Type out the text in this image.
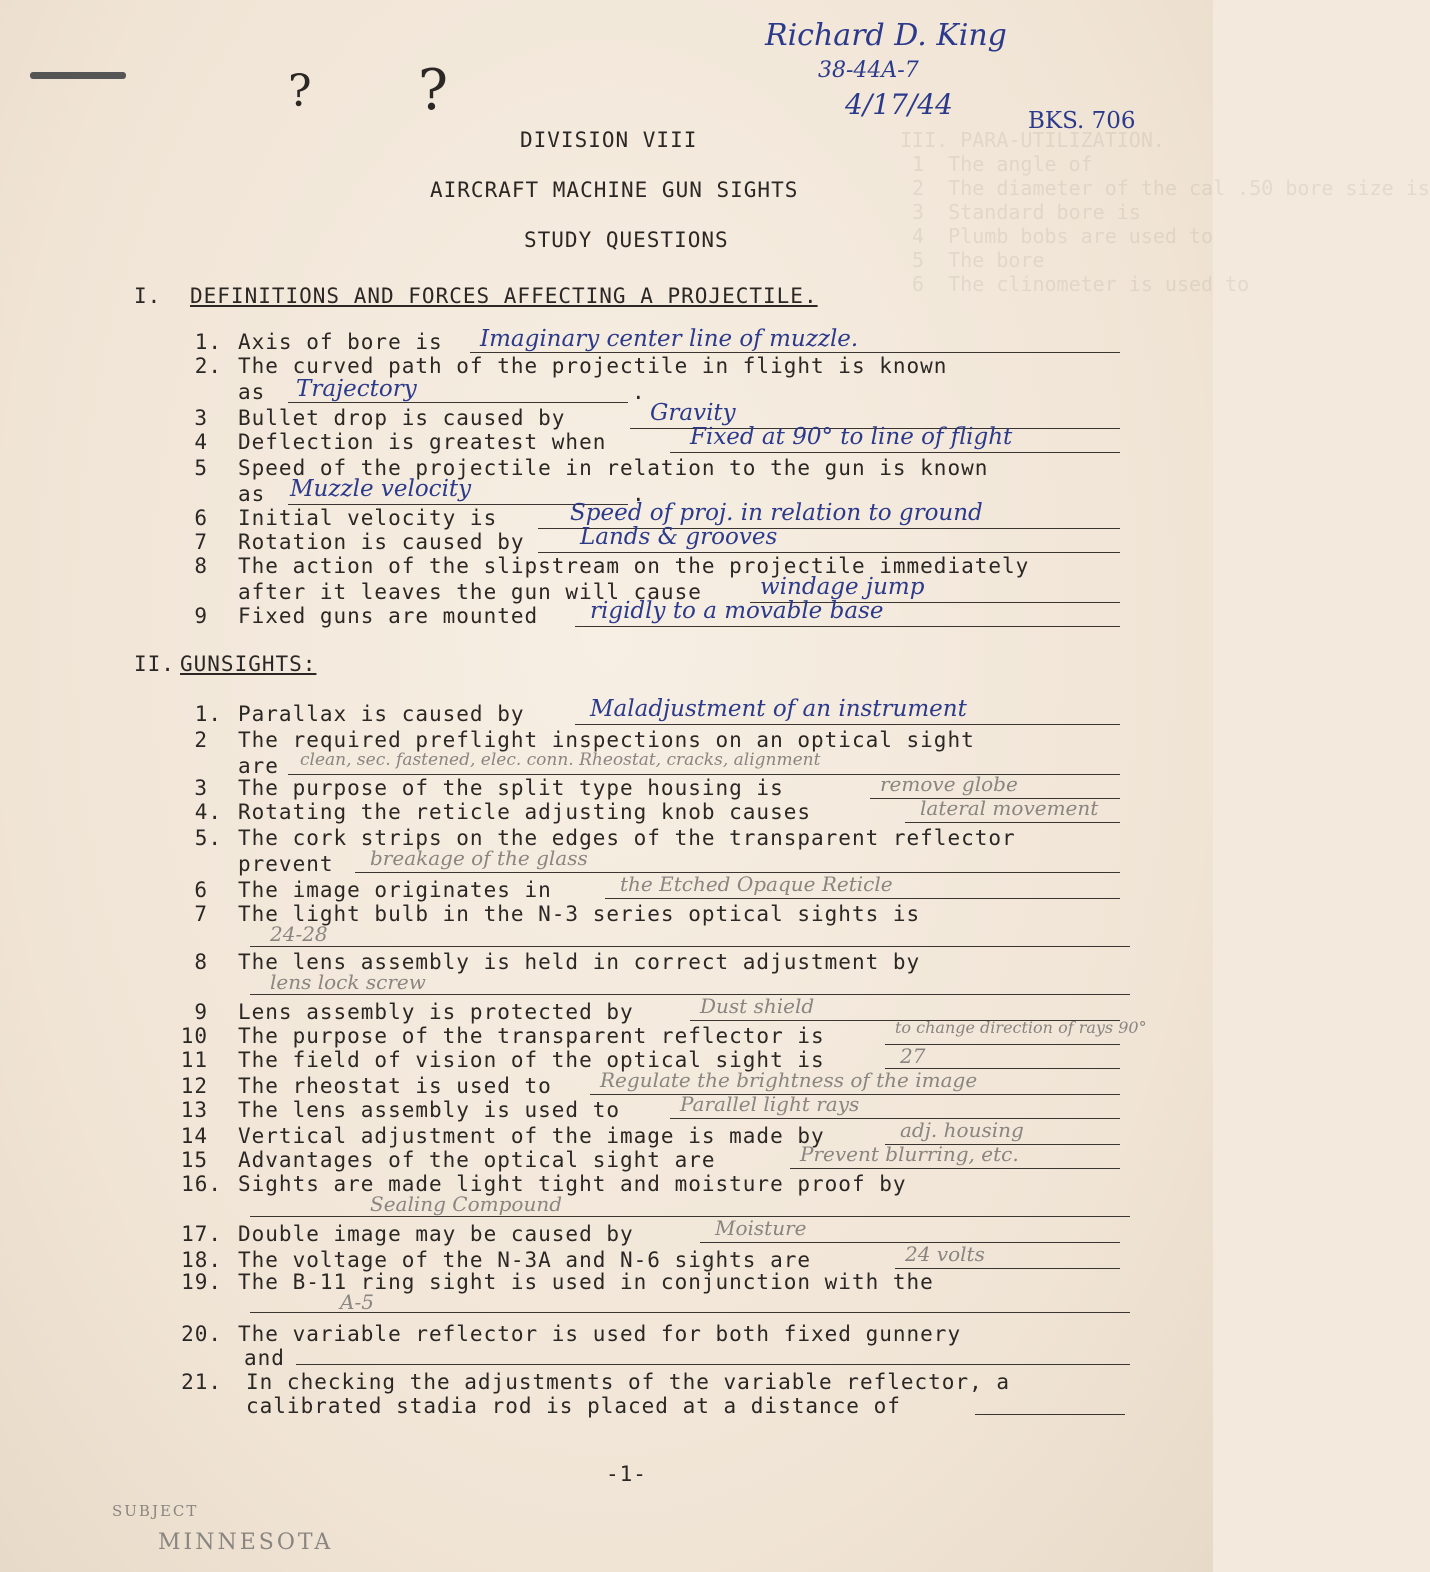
III. PARA-UTILIZATION.
1  The angle of
2  The diameter of the cal .50 bore size is
3  Standard bore is
4  Plumb bobs are used to
5  The bore
6  The clinometer is used to
Richard D. King
38-44A-7
4/17/44	BKS. 706
? ?
DIVISION VIII
AIRCRAFT MACHINE GUN SIGHTS
STUDY QUESTIONS
I. DEFINITIONS AND FORCES AFFECTING A PROJECTILE.
1. Axis of bore is Imaginary center line of muzzle.
2. The curved path of the projectile in flight is known
as Trajectory	.
3 Bullet drop is caused by	Gravity
4 Deflection is greatest when	Fixed at 90° to line of flight
5 Speed of the projectile in relation to the gun is known
as Muzzle velocity	.
6 Initial velocity is	Speed of proj. in relation to ground
7 Rotation is caused by Lands & grooves
8 The action of the slipstream on the projectile immediately
after it leaves the gun will cause	windage jump
9 Fixed guns are mounted rigidly to a movable base
II. GUNSIGHTS:
1. Parallax is caused by	Maladjustment of an instrument
2 The required preflight inspections on an optical sight
are clean, sec. fastened, elec. conn. Rheostat, cracks, alignment
3 The purpose of the split type housing is	remove globe
4. Rotating the reticle adjusting knob causes	lateral movement
5. The cork strips on the edges of the transparent reflector
prevent breakage of the glass
6 The image originates in	the Etched Opaque Reticle
7 The light bulb in the N-3 series optical sights is
24-28
8 The lens assembly is held in correct adjustment by
lens lock screw
9 Lens assembly is protected by	Dust shield
10 The purpose of the transparent reflector is	to change direction of rays 90°
11 The field of vision of the optical sight is	27
12 The rheostat is used to Regulate the brightness of the image
13 The lens assembly is used to	Parallel light rays
14 Vertical adjustment of the image is made by	adj. housing
15 Advantages of the optical sight are	Prevent blurring, etc.
16. Sights are made light tight and moisture proof by
Sealing Compound
17. Double image may be caused by	Moisture
18. The voltage of the N-3A and N-6 sights are	24 volts
19. The B-11 ring sight is used in conjunction with the
A-5
20. The variable reflector is used for both fixed gunnery
and
21. In checking the adjustments of the variable reflector, a
calibrated stadia rod is placed at a distance of
-1-
SUBJECT
MINNESOTA
